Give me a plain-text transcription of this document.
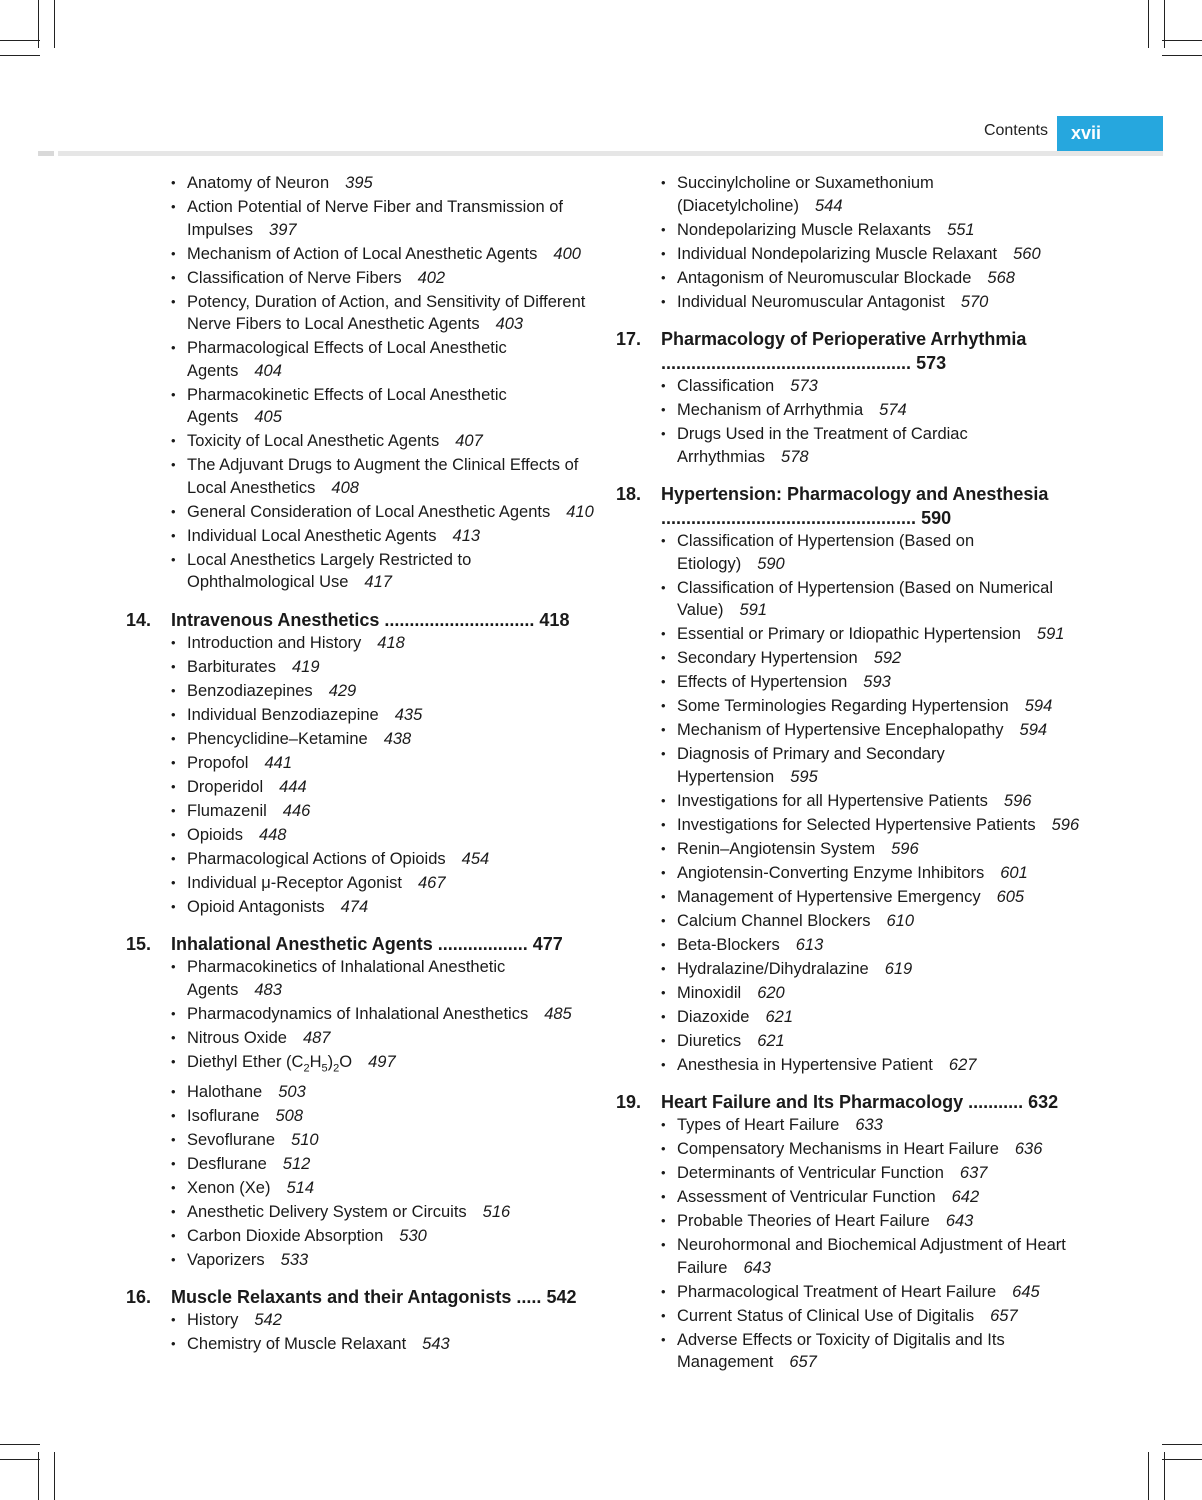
Contents	xvii
• Anatomy of Neuron 395
• Action Potential of Nerve Fiber and Transmission of Impulses 397
• Mechanism of Action of Local Anesthetic Agents 400
• Classification of Nerve Fibers 402
• Potency, Duration of Action, and Sensitivity of Different Nerve Fibers to Local Anesthetic Agents 403
• Pharmacological Effects of Local Anesthetic Agents 404
• Pharmacokinetic Effects of Local Anesthetic Agents 405
• Toxicity of Local Anesthetic Agents 407
• The Adjuvant Drugs to Augment the Clinical Effects of Local Anesthetics 408
• General Consideration of Local Anesthetic Agents 410
• Individual Local Anesthetic Agents 413
• Local Anesthetics Largely Restricted to Ophthalmological Use 417
14.	Intravenous Anesthetics .............................. 418
• Introduction and History 418
• Barbiturates 419
• Benzodiazepines 429
• Individual Benzodiazepine 435
• Phencyclidine–Ketamine 438
• Propofol 441
• Droperidol 444
• Flumazenil 446
• Opioids 448
• Pharmacological Actions of Opioids 454
• Individual μ-Receptor Agonist 467
• Opioid Antagonists 474
15.	Inhalational Anesthetic Agents .................. 477
• Pharmacokinetics of Inhalational Anesthetic Agents 483
• Pharmacodynamics of Inhalational Anesthetics 485
• Nitrous Oxide 487
• Diethyl Ether $(C_2H_5)_2O$ 497
• Halothane 503
• Isoflurane 508
• Sevoflurane 510
• Desflurane 512
• Xenon (Xe) 514
• Anesthetic Delivery System or Circuits 516
• Carbon Dioxide Absorption 530
• Vaporizers 533
16.	Muscle Relaxants and their Antagonists ..... 542
• History 542
• Chemistry of Muscle Relaxant 543
• Succinylcholine or Suxamethonium (Diacetylcholine) 544
• Nondepolarizing Muscle Relaxants 551
• Individual Nondepolarizing Muscle Relaxant 560
• Antagonism of Neuromuscular Blockade 568
• Individual Neuromuscular Antagonist 570
17.	Pharmacology of Perioperative Arrhythmia .................................................. 573
• Classification 573
• Mechanism of Arrhythmia 574
• Drugs Used in the Treatment of Cardiac Arrhythmias 578
18.	Hypertension: Pharmacology and Anesthesia ................................................... 590
• Classification of Hypertension (Based on Etiology) 590
• Classification of Hypertension (Based on Numerical Value) 591
• Essential or Primary or Idiopathic Hypertension 591
• Secondary Hypertension 592
• Effects of Hypertension 593
• Some Terminologies Regarding Hypertension 594
• Mechanism of Hypertensive Encephalopathy 594
• Diagnosis of Primary and Secondary Hypertension 595
• Investigations for all Hypertensive Patients 596
• Investigations for Selected Hypertensive Patients 596
• Renin–Angiotensin System 596
• Angiotensin-Converting Enzyme Inhibitors 601
• Management of Hypertensive Emergency 605
• Calcium Channel Blockers 610
• Beta-Blockers 613
• Hydralazine/Dihydralazine 619
• Minoxidil 620
• Diazoxide 621
• Diuretics 621
• Anesthesia in Hypertensive Patient 627
19.	Heart Failure and Its Pharmacology ........... 632
• Types of Heart Failure 633
• Compensatory Mechanisms in Heart Failure 636
• Determinants of Ventricular Function 637
• Assessment of Ventricular Function 642
• Probable Theories of Heart Failure 643
• Neurohormonal and Biochemical Adjustment of Heart Failure 643
• Pharmacological Treatment of Heart Failure 645
• Current Status of Clinical Use of Digitalis 657
• Adverse Effects or Toxicity of Digitalis and Its Management 657
